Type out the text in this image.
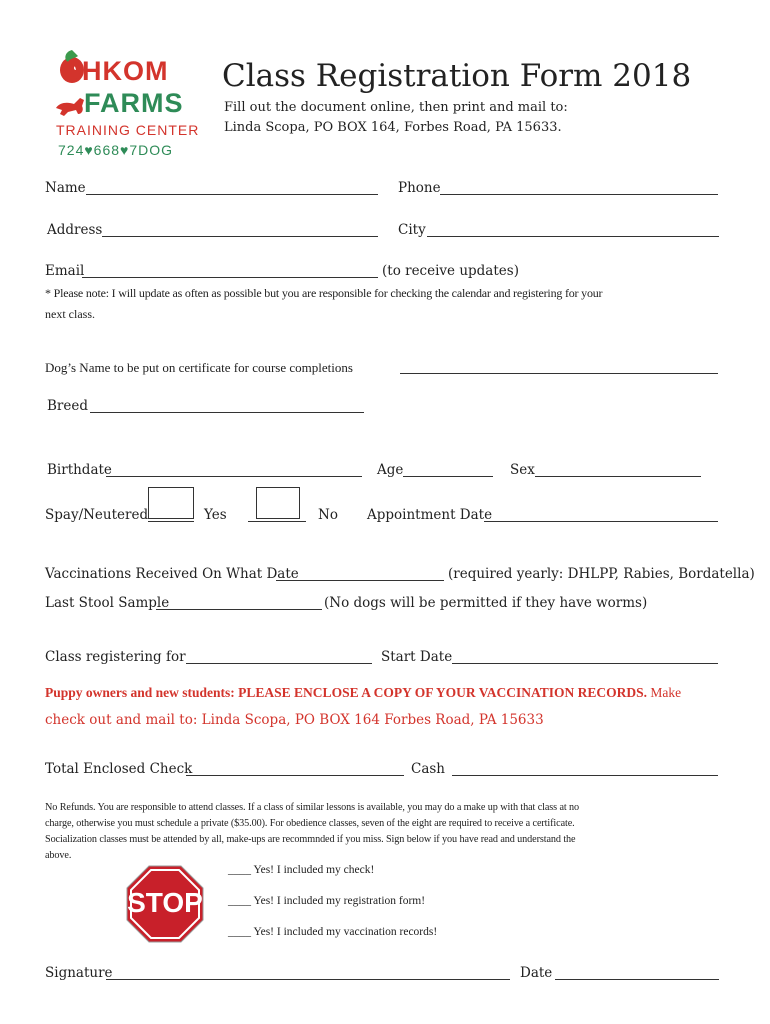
OHKOM
FARMS
TRAINING CENTER
724♥668♥7DOG
Class Registration Form 2018
Fill out the document online, then print and mail to:
Linda Scopa, PO BOX 164, Forbes Road, PA 15633.
Name	Phone
Address	City
Email	(to receive updates)
* Please note: I will update as often as possible but you are responsible for checking the calendar and registering for your
next class.
Dog’s Name to be put on certificate for course completions
Breed
Birthdate	Age	Sex
Spay/Neutered	Yes	No Appointment Date
Vaccinations Received On What Date	(required yearly: DHLPP, Rabies, Bordatella)
Last Stool Sample	(No dogs will be permitted if they have worms)
Class registering for	Start Date
Puppy owners and new students: PLEASE ENCLOSE A COPY OF YOUR VACCINATION RECORDS. Make
check out and mail to: Linda Scopa, PO BOX 164 Forbes Road, PA 15633
Total Enclosed Check	Cash
No Refunds. You are responsible to attend classes. If a class of similar lessons is available, you may do a make up with that class at no
charge, otherwise you must schedule a private ($35.00). For obedience classes, seven of the eight are required to receive a certificate.
Socialization classes must be attended by all, make-ups are recommnded if you miss. Sign below if you have read and understand the
above.
STOP
____ Yes! I included my check!
____ Yes! I included my registration form!
____ Yes! I included my vaccination records!
Signature	Date
